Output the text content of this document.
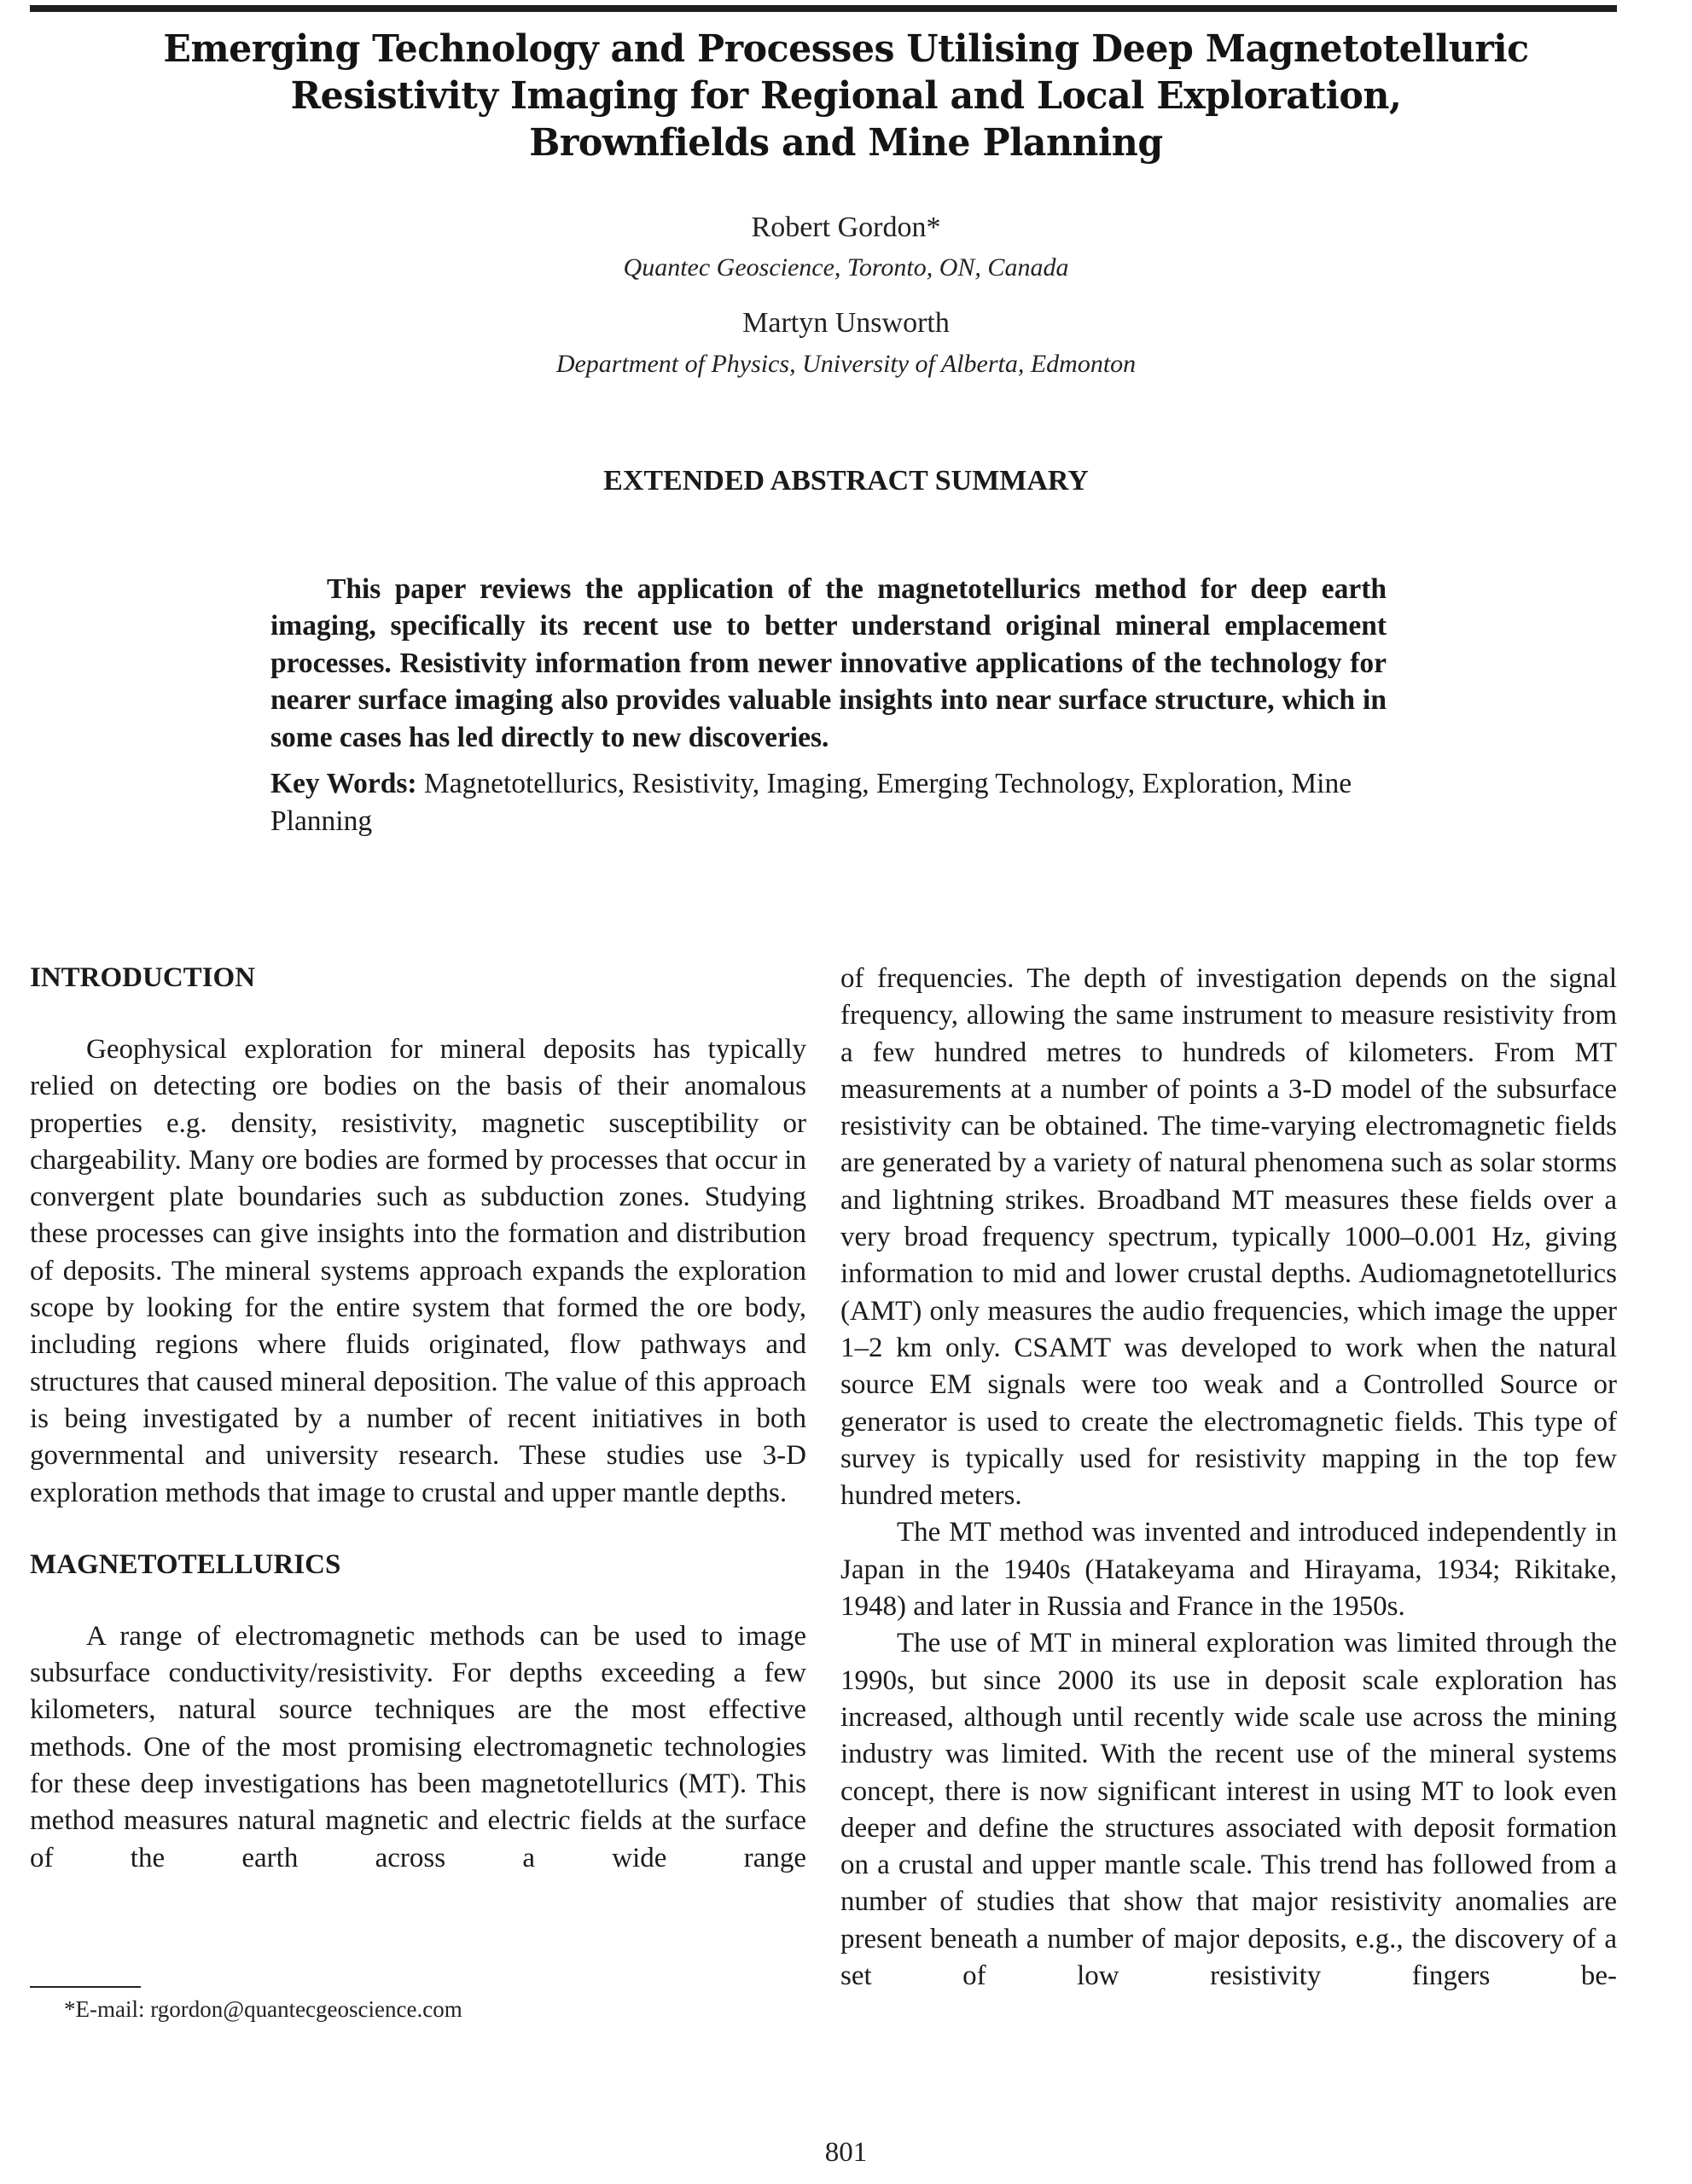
Emerging Technology and Processes Utilising Deep Magnetotelluric
Resistivity Imaging for Regional and Local Exploration,
Brownfields and Mine Planning
Robert Gordon*
Quantec Geoscience, Toronto, ON, Canada
Martyn Unsworth
Department of Physics, University of Alberta, Edmonton
EXTENDED ABSTRACT SUMMARY

This paper reviews the application of the magnetotellurics method for deep earth imaging, specifically its recent use to better understand original mineral emplacement processes. Resistivity information from newer innovative applications of the technology for nearer surface imaging also provides valuable insights into near surface structure, which in some cases has led directly to new discoveries.

Key Words: Magnetotellurics, Resistivity, Imaging, Emerging Technology, Exploration, Mine Planning
INTRODUCTION

Geophysical exploration for mineral deposits has typically relied on detecting ore bodies on the basis of their anomalous properties e.g. density, resistivity, magnetic susceptibility or chargeability. Many ore bodies are formed by processes that occur in convergent plate boundaries such as subduction zones. Studying these processes can give insights into the formation and distribution of deposits. The mineral systems approach expands the exploration scope by looking for the entire system that formed the ore body, including regions where fluids originated, flow pathways and structures that caused mineral deposition. The value of this approach is being investigated by a number of recent initiatives in both governmental and university research. These studies use 3-D exploration methods that image to crustal and upper mantle depths.

MAGNETOTELLURICS

A range of electromagnetic methods can be used to image subsurface conductivity/resistivity. For depths exceeding a few kilometers, natural source techniques are the most effective methods. One of the most promising electromagnetic technologies for these deep investigations has been magnetotellurics (MT). This method measures natural magnetic and electric fields at the surface of the earth across a wide range

of frequencies. The depth of investigation depends on the signal frequency, allowing the same instrument to measure resistivity from a few hundred metres to hundreds of kilometers. From MT measurements at a number of points a 3-D model of the subsurface resistivity can be obtained. The time-varying electromagnetic fields are generated by a variety of natural phenomena such as solar storms and lightning strikes. Broadband MT measures these fields over a very broad frequency spectrum, typically 1000–0.001 Hz, giving information to mid and lower crustal depths. Audiomagnetotellurics (AMT) only measures the audio frequencies, which image the upper 1–2 km only. CSAMT was developed to work when the natural source EM signals were too weak and a Controlled Source or generator is used to create the electromagnetic fields. This type of survey is typically used for resistivity mapping in the top few hundred meters.

The MT method was invented and introduced independently in Japan in the 1940s (Hatakeyama and Hirayama, 1934; Rikitake, 1948) and later in Russia and France in the 1950s.

The use of MT in mineral exploration was limited through the 1990s, but since 2000 its use in deposit scale exploration has increased, although until recently wide scale use across the mining industry was limited. With the recent use of the mineral systems concept, there is now significant interest in using MT to look even deeper and define the structures associated with deposit formation on a crustal and upper mantle scale. This trend has followed from a number of studies that show that major resistivity anomalies are present beneath a number of major deposits, e.g., the discovery of a set of low resistivity fingers be-

*E-mail: rgordon@quantecgeoscience.com
801
